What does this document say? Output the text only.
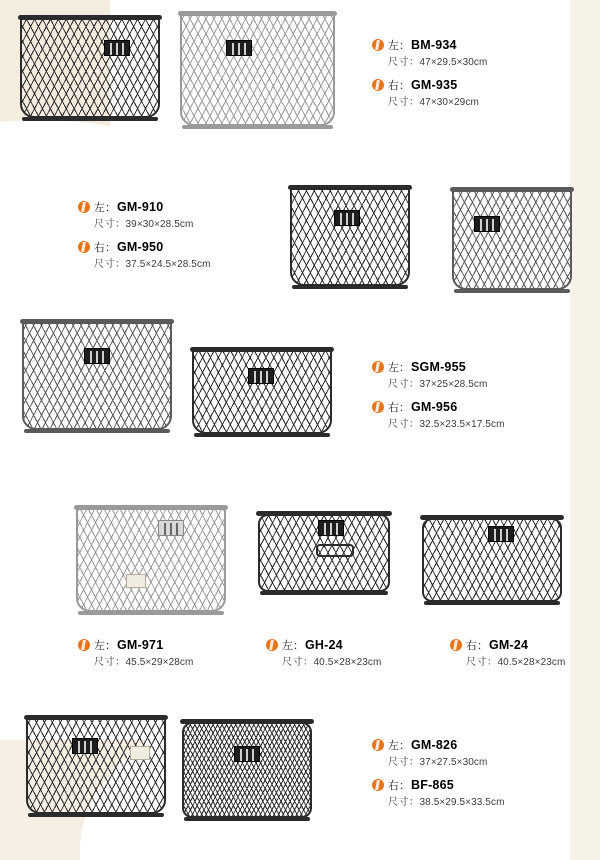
左： BM-934
尺寸：47×29.5×30cm
右： GM-935
尺寸：47×30×29cm
左： GM-910
尺寸：39×30×28.5cm
右： GM-950
尺寸：37.5×24.5×28.5cm
左： SGM-955
尺寸：37×25×28.5cm
右： GM-956
尺寸：32.5×23.5×17.5cm
左： GM-971
尺寸：45.5×29×28cm
左： GH-24
尺寸：40.5×28×23cm
右： GM-24
尺寸：40.5×28×23cm
左： GM-826
尺寸：37×27.5×30cm
右： BF-865
尺寸：38.5×29.5×33.5cm
